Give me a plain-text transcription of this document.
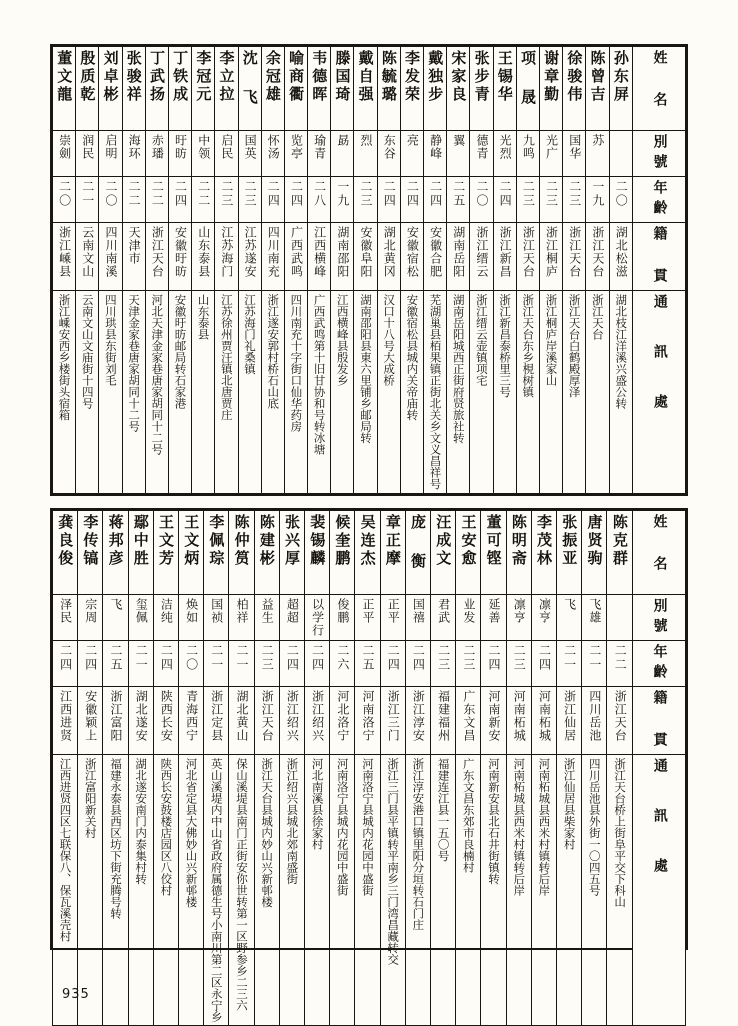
董文龍	殷质乾	刘卓彬	张骏祥	丁武扬	丁铁成	李冠元	李立拉	沈 飞	余冠雄	喻商衢	韦德晖	滕国琦	戴自强	陈毓璐	李发荣	戴独步	宋家良	张步青	王锡华	项 晟	谢章勤	徐骏伟	陈曾吉	孙东屏	姓 名

崇劍	润民	启明	海环	赤璠	旴昉	中领	启民	国英	怀汤	览亭	瑜青	勗	烈	东谷	亮	静峰	翼	德青	光烈	九鸣	光广	国华	苏		別號

二〇	二一	二〇	二二	二二	二四	二二	二三	二三	二四	二四	二八	一九	二三	二四	二四	二四	二五	二〇	二四	二三	二三	二三	一九	二〇	年齡

浙江嵊县	云南文山	四川南溪	天津市	浙江天台	安徽旴昉	山东泰县	江苏海门	江苏遂安	四川南充	广西武鸣	江西横峰	湖南邵阳	安徽阜阳	湖北黄冈	安徽宿松	安徽合肥	湖南岳阳	浙江缙云	浙江新昌	浙江天台	浙江桐庐	浙江天台	浙江天台	湖北松滋	籍 貫

浙江嵊安西乡楼街头宿箱	云南文山文庙街十四号	四川珙县东街刘毛	天津金家巷唐家胡同十二号	河北天津金家巷唐家胡同十二号	安徽旴昉邮局转石家港	山东泰县	江苏徐州贾汪镇北唐贾庄	江苏海门礼桑镇	浙江遂安郭村桥石山底	四川南充十字街口仙华药房	广西武鸣第十旧甘协和号转冰塘	江西横峰县殷发乡	湖南邵阳县東六里铺乡邮局转	汉口十八号大成桥	安徽宿松县城内关帝庙转	芜湖巢县栢果镇正街北关乡文义昌祥号	湖南岳阳城西正街府贤旅社转	浙江缙云壶镇项宅	浙江新昌泰桥里三号	浙江天台东乡梘树镇	浙江桐庐岸溪家山	浙江天台白鹤殿厚泽	浙江天台	湖北枝江洋溪兴盛公转	通 訊 處
龚良俊	李传镐	蒋邦彦	鄢中胜	王文芳	王文炳	李佩琮	陈仲筼	陈建彬	张兴厚	裴锡麟	候奎鹏	吴连杰	章正摩	庞 衡	汪成文	王安愈	董可铿	陈明斋	李茂林	张振亚	唐贤驹	陈克群	姓 名

泽民	宗周	飞	玺佩	洁纯	焕如	国祯	柏祥	益生	超超	以学行	俊鹏	正平	正平	国禧	君武	业发	延善	凛亨	凛亨	飞	飞雄		別號

二四	二四	二五	二一	二四	二〇	二一	二一	二三	二四	二四	二六	二五	二四	二四	二三	二三	二四	二三	二四	二一	二一	二二	年齡

江西进贤	安徽颖上	浙江富阳	湖北遂安	陕西长安	青海西宁	浙江定县	湖北黄山	浙江天台	浙江绍兴	浙江绍兴	河北洛宁	河南洛宁	浙江三门	浙江淳安	福建福州	广东文昌	河南新安	河南柘城	河南柘城	浙江仙居	四川岳池	浙江天台	籍 貫

江西进贤四区七联保八、保瓦溪壳村	浙江富阳新关村	福建永泰县西区坊下街充腾号转	湖北遂安南门内泰集村转	陕西长安鼓楼店园区八佼村	河北省定县大佛妙山兴新邨楼	英山溪堤内中山省政府属德生号小南川第二区永宁乡	保山溪堤县南门正街安你世转第一区野参乡二三六	浙江天台县城内妙山兴新邨楼	浙江绍兴县城北郊南盛街	河北南溪县徐家村	河南洛宁县城内花园中盛街	河南洛宁县城内花园中盛街	浙江三门县平镇转平南乡三门湾昌藏转交	浙江淳安港口镇里阳分垣转石门庄	福建连江县一五〇号	广东文昌东郊市良楠村	河南新安县北石井街镇转	河南柘城县西米村镇转后岸	河南柘城县西米村镇转后岸	浙江仙居县柴家村	四川岳池县外街一〇四五号	浙江天台桥上街阜平交下科山	通 訊 處
935
